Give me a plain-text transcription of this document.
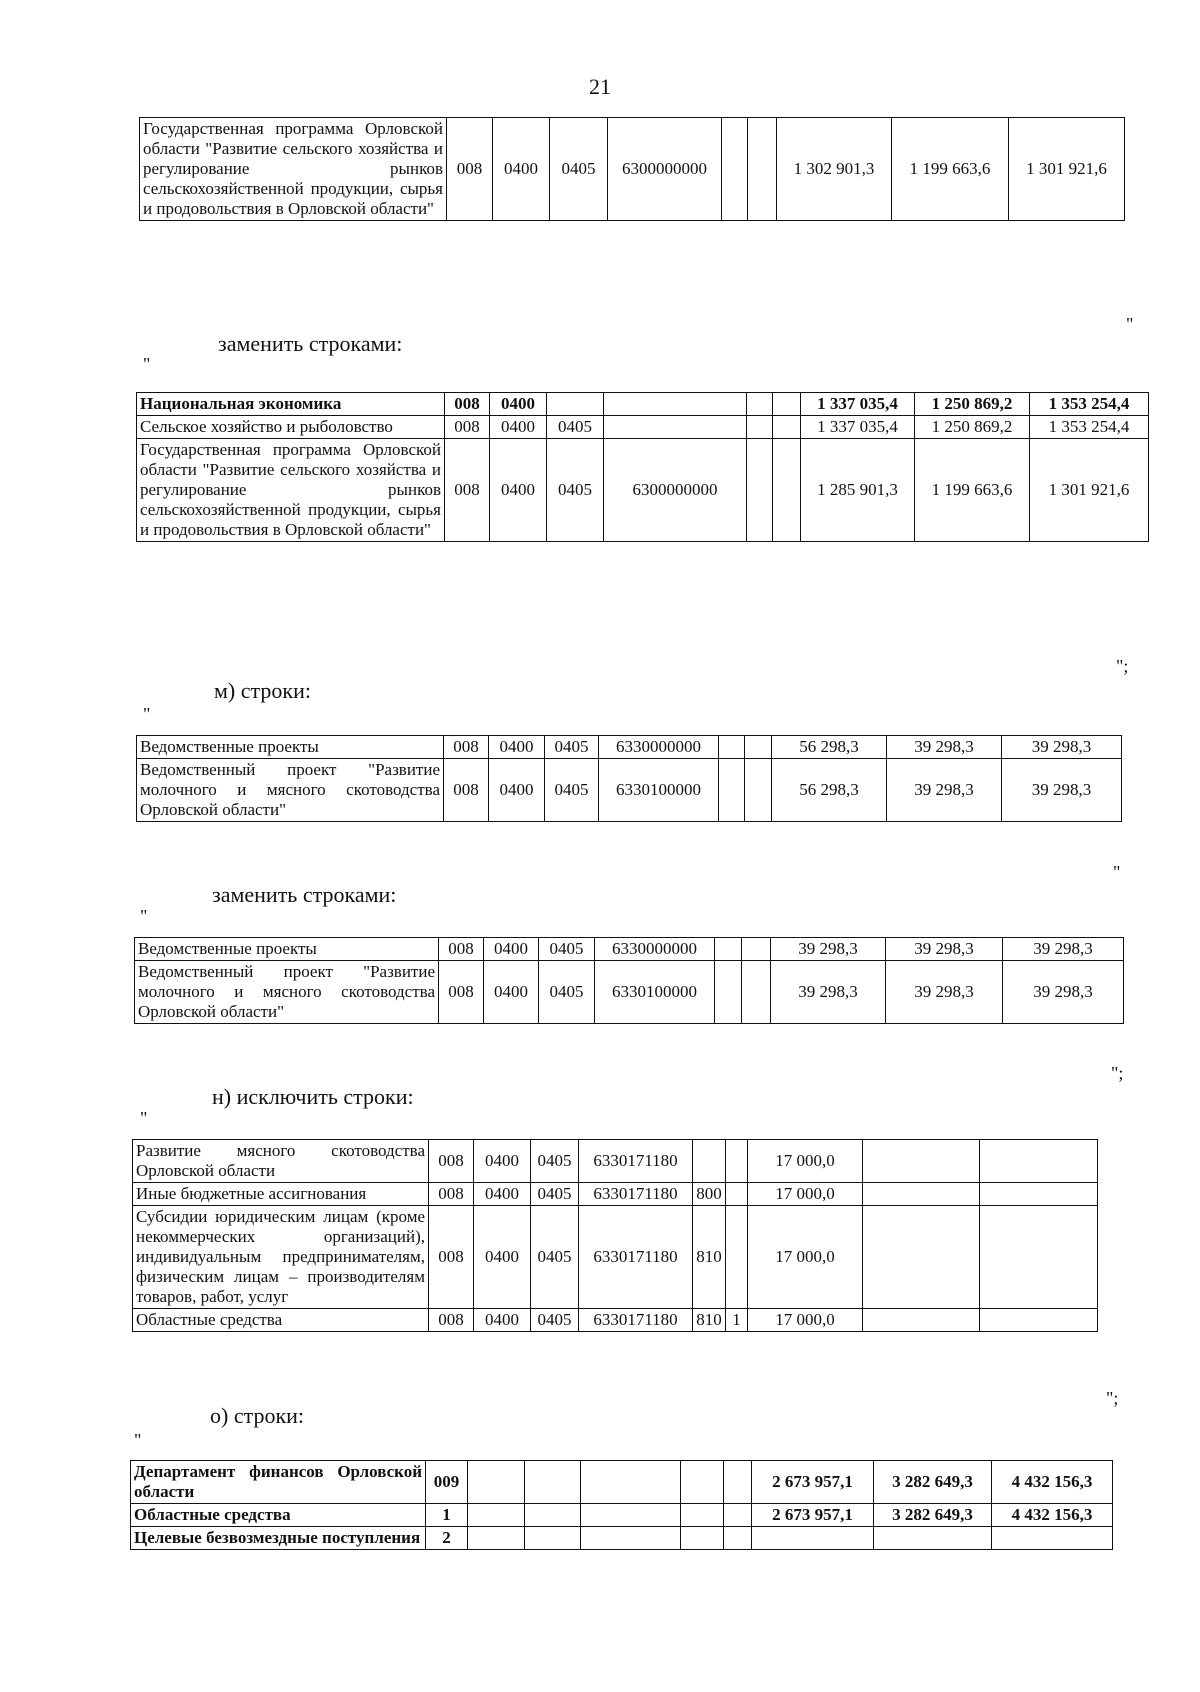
21
Государственная программа Орловской области "Развитие сельского хозяйства и регулирование рынков сельскохозяйственной продукции, сырья и продовольствия в Орловской области"	008	0400	0405	6300000000			1 302 901,3	1 199 663,6	1 301 921,6
"
заменить строками:
"
Национальная экономика	008	0400					1 337 035,4	1 250 869,2	1 353 254,4
Сельское хозяйство и рыболовство	008	0400	0405				1 337 035,4	1 250 869,2	1 353 254,4
Государственная программа Орловской области "Развитие сельского хозяйства и регулирование рынков сельскохозяйственной продукции, сырья и продовольствия в Орловской области"	008	0400	0405	6300000000			1 285 901,3	1 199 663,6	1 301 921,6
";
м) строки:
"
Ведомственные проекты	008	0400	0405	6330000000			56 298,3	39 298,3	39 298,3
Ведомственный проект "Развитие молочного и мясного скотоводства Орловской области"	008	0400	0405	6330100000			56 298,3	39 298,3	39 298,3
"
заменить строками:
"
Ведомственные проекты	008	0400	0405	6330000000			39 298,3	39 298,3	39 298,3
Ведомственный проект "Развитие молочного и мясного скотоводства Орловской области"	008	0400	0405	6330100000			39 298,3	39 298,3	39 298,3
";
н) исключить строки:
"
Развитие мясного скотоводства Орловской области	008	0400	0405	6330171180			17 000,0		
Иные бюджетные ассигнования	008	0400	0405	6330171180	800		17 000,0		
Субсидии юридическим лицам (кроме некоммерческих организаций), индивидуальным предпринимателям, физическим лицам – производителям товаров, работ, услуг	008	0400	0405	6330171180	810		17 000,0		
Областные средства	008	0400	0405	6330171180	810	1	17 000,0		
";
о) строки:
"
Департамент финансов Орловской области	009						2 673 957,1	3 282 649,3	4 432 156,3
Областные средства	1						2 673 957,1	3 282 649,3	4 432 156,3
Целевые безвозмездные поступления	2								
